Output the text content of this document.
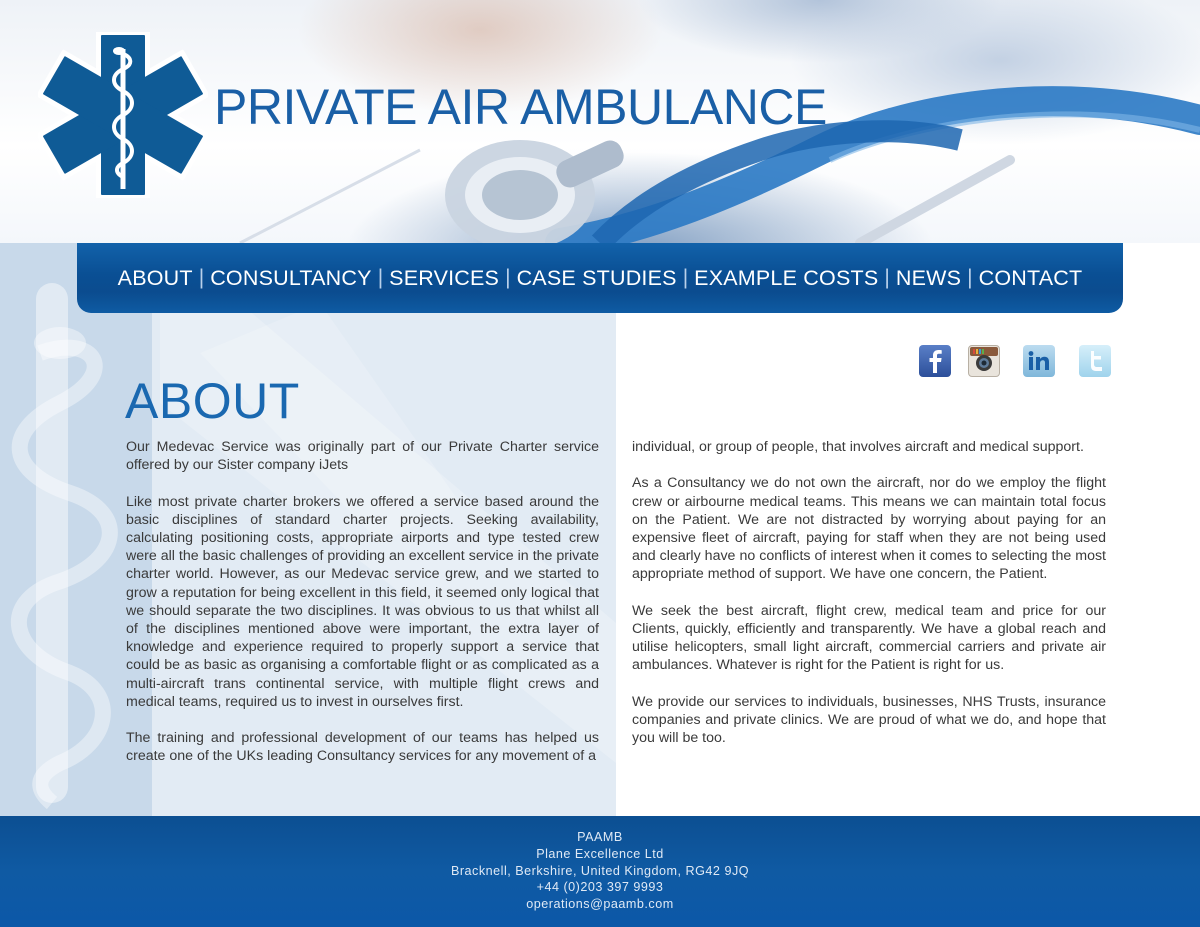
PRIVATE AIR AMBULANCE
ABOUT | CONSULTANCY | SERVICES | CASE STUDIES | EXAMPLE COSTS | NEWS | CONTACT
ABOUT

Our Medevac Service was originally part of our Private Charter service offered by our Sister company iJets

Like most private charter brokers we offered a service based around the basic disciplines of standard charter projects. Seeking availability, calculating positioning costs, appropriate airports and type tested crew were all the basic challenges of providing an excellent service in the private charter world. However, as our Medevac service grew, and we started to grow a reputation for being excellent in this field, it seemed only logical that we should separate the two disciplines. It was obvious to us that whilst all of the disciplines mentioned above were important, the extra layer of knowledge and experience required to properly support a service that could be as basic as organising a comfortable flight or as complicated as a multi-aircraft trans continental service, with multiple flight crews and medical teams, required us to invest in ourselves first.

The training and professional development of our teams has helped us create one of the UKs leading Consultancy services for any movement of a

individual, or group of people, that involves aircraft and medical support.

As a Consultancy we do not own the aircraft, nor do we employ the flight crew or airbourne medical teams. This means we can maintain total focus on the Patient. We are not distracted by worrying about paying for an expensive fleet of aircraft, paying for staff when they are not being used and clearly have no conflicts of interest when it comes to selecting the most appropriate method of support. We have one concern, the Patient.

We seek the best aircraft, flight crew, medical team and price for our Clients, quickly, efficiently and transparently. We have a global reach and utilise helicopters, small light aircraft, commercial carriers and private air ambulances. Whatever is right for the Patient is right for us.

We provide our services to individuals, businesses, NHS Trusts, insurance companies and private clinics. We are proud of what we do, and hope that you will be too.

PAAMB
Plane Excellence Ltd
Bracknell, Berkshire, United Kingdom, RG42 9JQ
+44 (0)203 397 9993
operations@paamb.com
